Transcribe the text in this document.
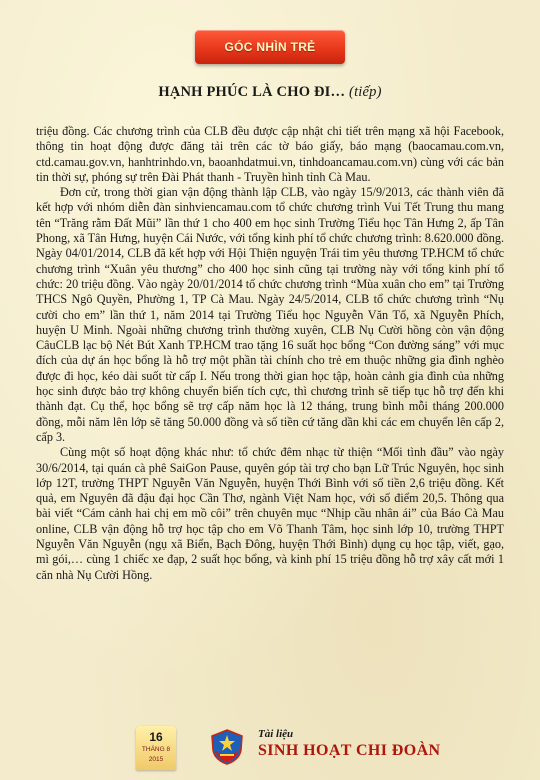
GÓC NHÌN TRẺ
HẠNH PHÚC LÀ CHO ĐI… (tiếp)

triệu đồng. Các chương trình của CLB đều được cập nhật chi tiết trên mạng xã hội Facebook, thông tin hoạt động được đăng tải trên các tờ báo giấy, báo mạng (baocamau.com.vn, ctd.camau.gov.vn, hanhtrinhdo.vn, baoanhdatmui.vn, tinhdoancamau.com.vn) cùng với các bản tin thời sự, phóng sự trên Đài Phát thanh - Truyền hình tỉnh Cà Mau.

Đơn cử, trong thời gian vận động thành lập CLB, vào ngày 15/9/2013, các thành viên đã kết hợp với nhóm diễn đàn sinhviencamau.com tổ chức chương trình Vui Tết Trung thu mang tên “Trăng rằm Đất Mũi” lần thứ 1 cho 400 em học sinh Trường Tiểu học Tân Hưng 2, ấp Tân Phong, xã Tân Hưng, huyện Cái Nước, với tổng kinh phí tổ chức chương trình: 8.620.000 đồng. Ngày 04/01/2014, CLB đã kết hợp với Hội Thiện nguyện Trái tim yêu thương TP.HCM tổ chức chương trình “Xuân yêu thương” cho 400 học sinh cũng tại trường này với tổng kinh phí tổ chức: 20 triệu đồng. Vào ngày 20/01/2014 tổ chức chương trình “Mùa xuân cho em” tại Trường THCS Ngô Quyền, Phường 1, TP Cà Mau. Ngày 24/5/2014, CLB tổ chức chương trình “Nụ cười cho em” lần thứ 1, năm 2014 tại Trường Tiểu học Nguyễn Văn Tố, xã Nguyễn Phích, huyện U Minh. Ngoài những chương trình thường xuyên, CLB Nụ Cười hồng còn vận động CâuCLB lạc bộ Nét Bút Xanh TP.HCM trao tặng 16 suất học bổng “Con đường sáng” với mục đích của dự án học bổng là hỗ trợ một phần tài chính cho trẻ em thuộc những gia đình nghèo được đi học, kéo dài suốt từ cấp I. Nếu trong thời gian học tập, hoàn cảnh gia đình của những học sinh được bảo trợ không chuyển biến tích cực, thì chương trình sẽ tiếp tục hỗ trợ đến khi thành đạt. Cụ thể, học bổng sẽ trợ cấp năm học là 12 tháng, trung bình mỗi tháng 200.000 đồng, mỗi năm lên lớp sẽ tăng 50.000 đồng và số tiền cứ tăng dần khi các em chuyển lên cấp 2, cấp 3.

Cùng một số hoạt động khác như: tổ chức đêm nhạc từ thiện “Mối tình đầu” vào ngày 30/6/2014, tại quán cà phê SaiGon Pause, quyên góp tài trợ cho bạn Lữ Trúc Nguyên, học sinh lớp 12T, trường THPT Nguyễn Văn Nguyễn, huyện Thới Bình với số tiền 2,6 triệu đồng. Kết quả, em Nguyên đã đậu đại học Cần Thơ, ngành Việt Nam học, với số điểm 20,5. Thông qua bài viết “Cám cảnh hai chị em mồ côi” trên chuyên mục “Nhịp cầu nhân ái” của Báo Cà Mau online, CLB vận động hỗ trợ học tập cho em Võ Thanh Tâm, học sinh lớp 10, trường THPT Nguyễn Văn Nguyễn (ngụ xã Biển, Bạch Đông, huyện Thới Bình) dụng cụ học tập, viết, gạo, mì gói,… cùng 1 chiếc xe đạp, 2 suất học bổng, và kinh phí 15 triệu đồng hỗ trợ xây cất mới 1 căn nhà Nụ Cười Hồng.

16
THÁNG 8
2015
Tài liệu
SINH HOẠT CHI ĐOÀN
